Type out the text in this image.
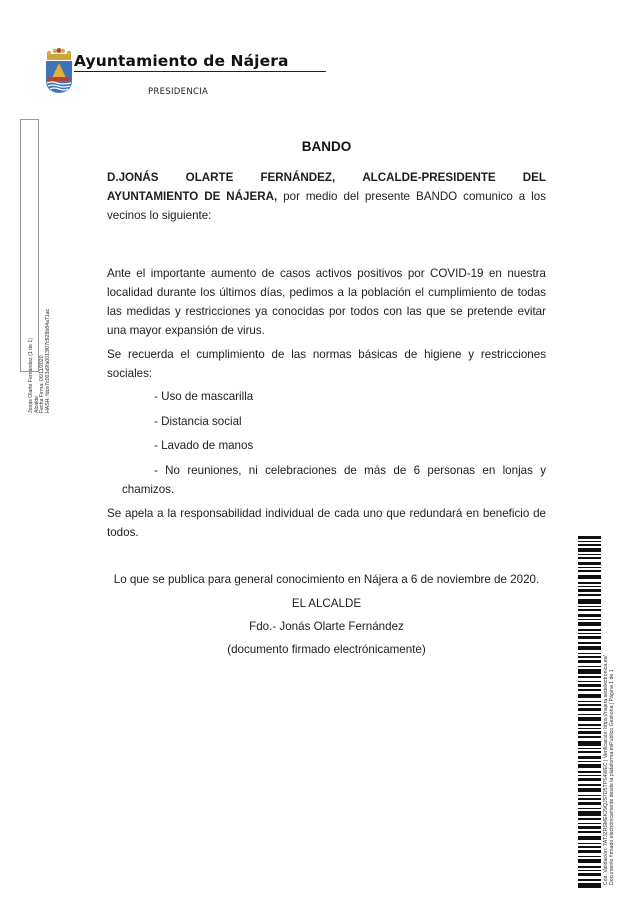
Ayuntamiento de Nájera
PRESIDENCIA
Jonás Olarte Fernández (1 de 1) Alcalde Fecha Firma: 06/11/2020 HASH: fdce7c003a9fa0013f07c928b84a71ac
BANDO
D.JONÁS OLARTE FERNÁNDEZ, ALCALDE-PRESIDENTE DEL
AYUNTAMIENTO DE NÁJERA, por medio del presente BANDO comunico a los vecinos lo siguiente:
Ante el importante aumento de casos activos positivos por COVID-19 en nuestra localidad durante los últimos días, pedimos a la población el cumplimiento de todas las medidas y restricciones ya conocidas por todos con las que se pretende evitar una mayor expansión de virus.
Se recuerda el cumplimiento de las normas básicas de higiene y restricciones sociales:
- Uso de mascarilla
- Distancia social
- Lavado de manos
- No reuniones, ni celebraciones de más de 6 personas en lonjas y
chamizos.
Se apela a la responsabilidad individual de cada uno que redundará en beneficio de todos.
Lo que se publica para general conocimiento en Nájera a 6 de noviembre de 2020.
EL ALCALDE
Fdo.- Jonás Olarte Fernández
(documento firmado electrónicamente)
Cód. Validación: 7ATJZRSMEK29QJS7D5TPS4WEC | Verificación: https://najera.sedelectronica.es/ Documento firmado electrónicamente desde la plataforma esPublico Gestiona | Página 1 de 1
